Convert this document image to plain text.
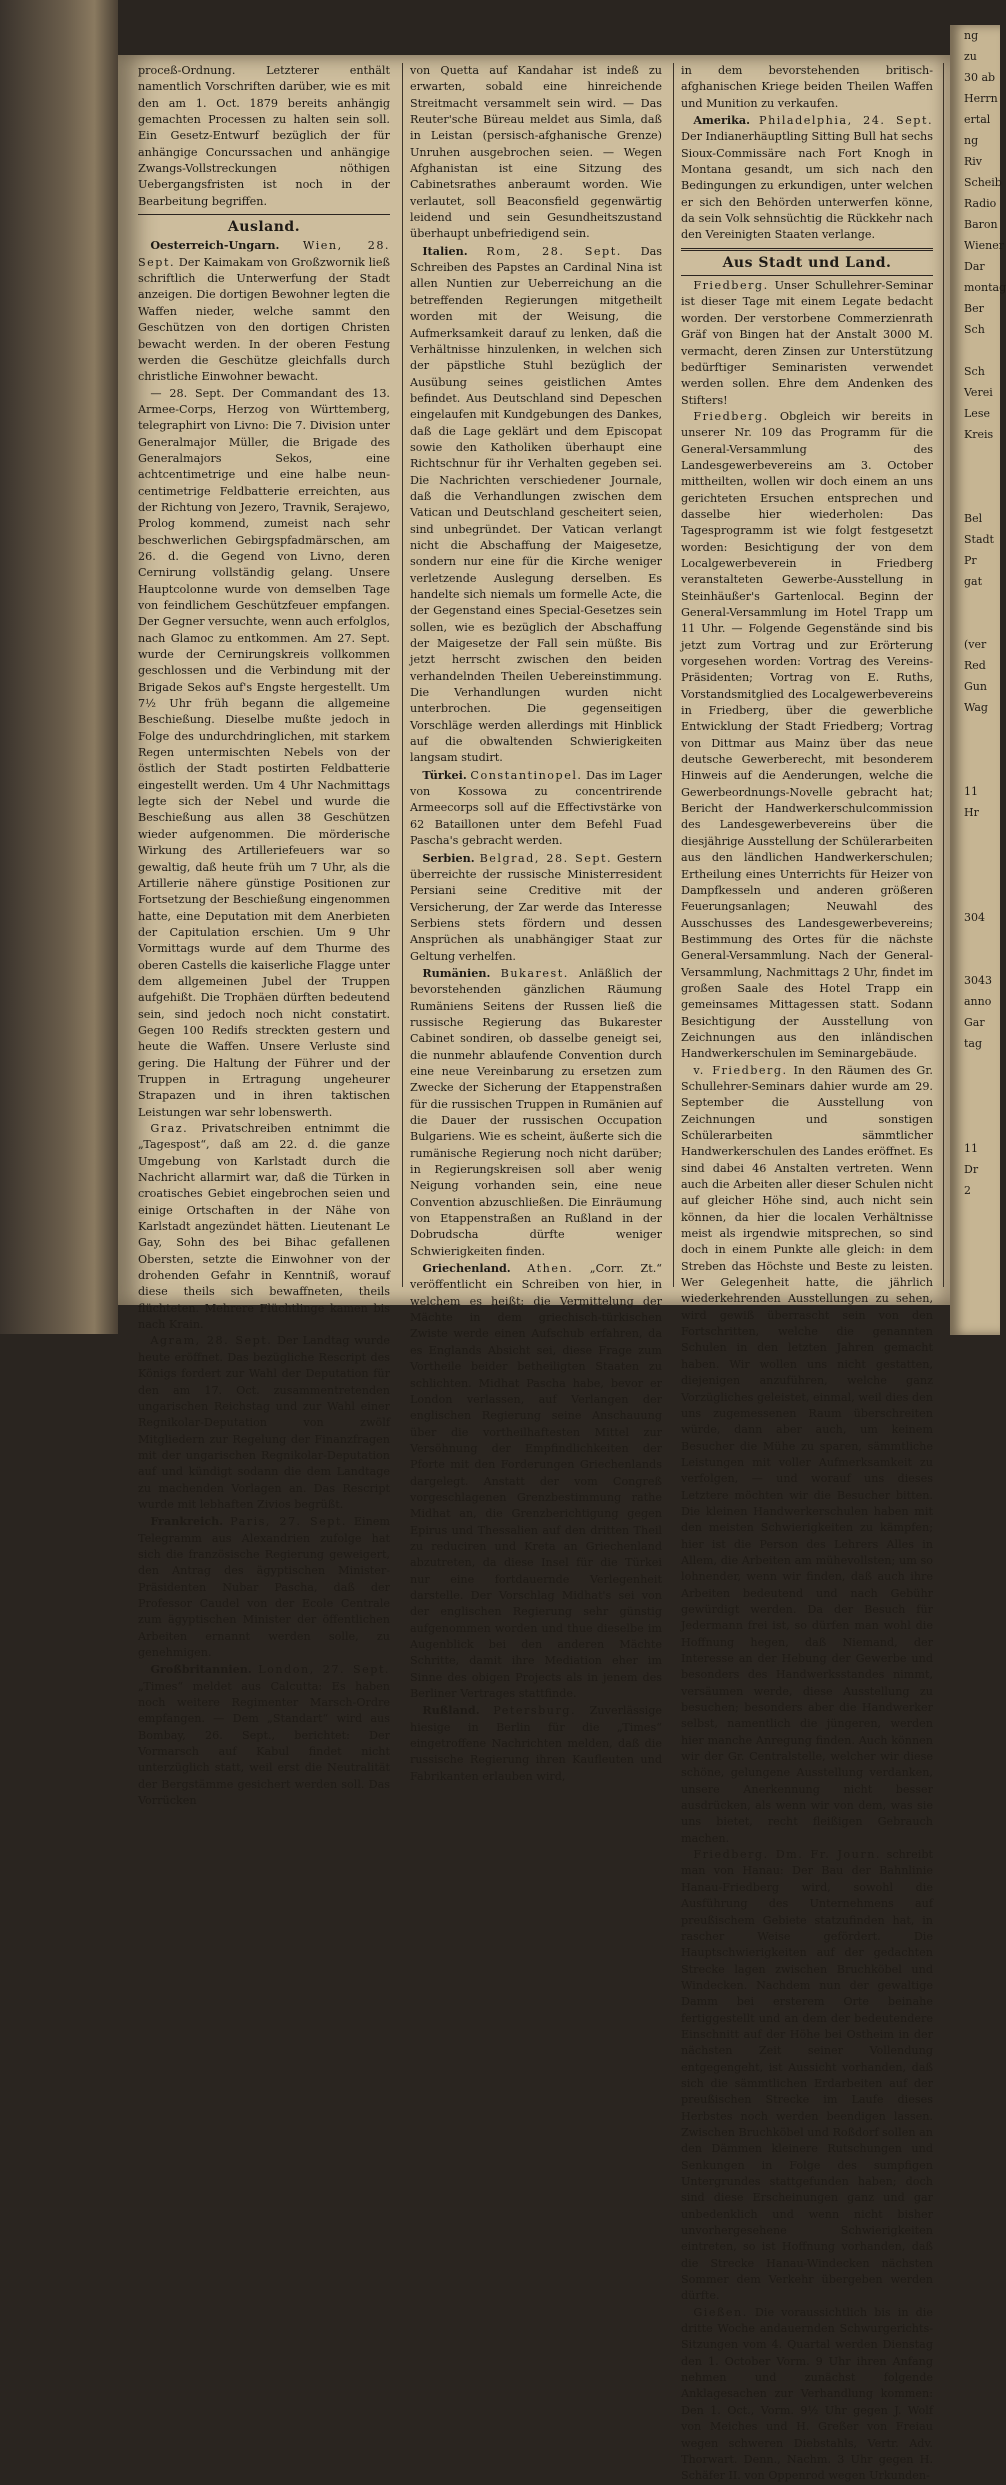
proceß-Ordnung. Letzterer enthält namentlich Vorschriften darüber, wie es mit den am 1. Oct. 1879 bereits anhängig gemachten Processen zu halten sein soll. Ein Gesetz-Entwurf bezüglich der für anhängige Concurssachen und anhängige Zwangs-Vollstreckungen nöthigen Uebergangsfristen ist noch in der Bearbeitung begriffen.

Ausland.

Oesterreich-Ungarn. Wien, 28. Sept. Der Kaimakam von Großzwornik ließ schriftlich die Unterwerfung der Stadt anzeigen. Die dortigen Bewohner legten die Waffen nieder, welche sammt den Geschützen von den dortigen Christen bewacht werden. In der oberen Festung werden die Geschütze gleichfalls durch christliche Einwohner bewacht.

— 28. Sept. Der Commandant des 13. Armee-Corps, Herzog von Württemberg, telegraphirt von Livno: Die 7. Division unter Generalmajor Müller, die Brigade des Generalmajors Sekos, eine achtcentimetrige und eine halbe neun-centimetrige Feldbatterie erreichten, aus der Richtung von Jezero, Travnik, Serajewo, Prolog kommend, zumeist nach sehr beschwerlichen Gebirgspfadmärschen, am 26. d. die Gegend von Livno, deren Cernirung vollständig gelang. Unsere Hauptcolonne wurde von demselben Tage von feindlichem Geschützfeuer empfangen. Der Gegner versuchte, wenn auch erfolglos, nach Glamoc zu entkommen. Am 27. Sept. wurde der Cernirungskreis vollkommen geschlossen und die Verbindung mit der Brigade Sekos auf's Engste hergestellt. Um 7½ Uhr früh begann die allgemeine Beschießung. Dieselbe mußte jedoch in Folge des undurchdringlichen, mit starkem Regen untermischten Nebels von der östlich der Stadt postirten Feldbatterie eingestellt werden. Um 4 Uhr Nachmittags legte sich der Nebel und wurde die Beschießung aus allen 38 Geschützen wieder aufgenommen. Die mörderische Wirkung des Artilleriefeuers war so gewaltig, daß heute früh um 7 Uhr, als die Artillerie nähere günstige Positionen zur Fortsetzung der Beschießung eingenommen hatte, eine Deputation mit dem Anerbieten der Capitulation erschien. Um 9 Uhr Vormittags wurde auf dem Thurme des oberen Castells die kaiserliche Flagge unter dem allgemeinen Jubel der Truppen aufgehißt. Die Trophäen dürften bedeutend sein, sind jedoch noch nicht constatirt. Gegen 100 Redifs streckten gestern und heute die Waffen. Unsere Verluste sind gering. Die Haltung der Führer und der Truppen in Ertragung ungeheurer Strapazen und in ihren taktischen Leistungen war sehr lobenswerth.

Graz. Privatschreiben entnimmt die „Tagespost“, daß am 22. d. die ganze Umgebung von Karlstadt durch die Nachricht allarmirt war, daß die Türken in croatisches Gebiet eingebrochen seien und einige Ortschaften in der Nähe von Karlstadt angezündet hätten. Lieutenant Le Gay, Sohn des bei Bihac gefallenen Obersten, setzte die Einwohner von der drohenden Gefahr in Kenntniß, worauf diese theils sich bewaffneten, theils flüchteten. Mehrere Flüchtlinge kamen bis nach Krain.

Agram, 28. Sept. Der Landtag wurde heute eröffnet. Das bezügliche Rescript des Königs fordert zur Wahl der Deputation für den am 17. Oct. zusammentretenden ungarischen Reichstag und zur Wahl einer Regnikolar-Deputation von zwölf Mitgliedern zur Regelung der Finanzfragen mit der ungarischen Regnikolar-Deputation auf und kündigt sodann die dem Landtage zu machenden Vorlagen an. Das Rescript wurde mit lebhaften Zivios begrüßt.

Frankreich. Paris, 27. Sept. Einem Telegramm aus Alexandrien zufolge hat sich die französische Regierung geweigert, den Antrag des ägyptischen Minister-Präsidenten Nubar Pascha, daß der Professor Caudel von der Ecole Centrale zum ägyptischen Minister der öffentlichen Arbeiten ernannt werden solle, zu genehmigen.

Großbritannien. London, 27. Sept. „Times“ meldet aus Calcutta: Es haben noch weitere Regimenter Marsch-Ordre empfangen. — Dem „Standart“ wird aus Bombay, 26. Sept., berichtet: Der Vormarsch auf Kabul findet nicht unterzüglich statt, weil erst die Neutralität der Bergstämme gesichert werden soll. Das Vorrücken

von Quetta auf Kandahar ist indeß zu erwarten, sobald eine hinreichende Streitmacht versammelt sein wird. — Das Reuter'sche Büreau meldet aus Simla, daß in Leistan (persisch-afghanische Grenze) Unruhen ausgebrochen seien. — Wegen Afghanistan ist eine Sitzung des Cabinetsrathes anberaumt worden. Wie verlautet, soll Beaconsfield gegenwärtig leidend und sein Gesundheitszustand überhaupt unbefriedigend sein.

Italien. Rom, 28. Sept. Das Schreiben des Papstes an Cardinal Nina ist allen Nuntien zur Ueberreichung an die betreffenden Regierungen mitgetheilt worden mit der Weisung, die Aufmerksamkeit darauf zu lenken, daß die Verhältnisse hinzulenken, in welchen sich der päpstliche Stuhl bezüglich der Ausübung seines geistlichen Amtes befindet. Aus Deutschland sind Depeschen eingelaufen mit Kundgebungen des Dankes, daß die Lage geklärt und dem Episcopat sowie den Katholiken überhaupt eine Richtschnur für ihr Verhalten gegeben sei. Die Nachrichten verschiedener Journale, daß die Verhandlungen zwischen dem Vatican und Deutschland gescheitert seien, sind unbegründet. Der Vatican verlangt nicht die Abschaffung der Maigesetze, sondern nur eine für die Kirche weniger verletzende Auslegung derselben. Es handelte sich niemals um formelle Acte, die der Gegenstand eines Special-Gesetzes sein sollen, wie es bezüglich der Abschaffung der Maigesetze der Fall sein müßte. Bis jetzt herrscht zwischen den beiden verhandelnden Theilen Uebereinstimmung. Die Verhandlungen wurden nicht unterbrochen. Die gegenseitigen Vorschläge werden allerdings mit Hinblick auf die obwaltenden Schwierigkeiten langsam studirt.

Türkei. Constantinopel. Das im Lager von Kossowa zu concentrirende Armeecorps soll auf die Effectivstärke von 62 Bataillonen unter dem Befehl Fuad Pascha's gebracht werden.

Serbien. Belgrad, 28. Sept. Gestern überreichte der russische Ministerresident Persiani seine Creditive mit der Versicherung, der Zar werde das Interesse Serbiens stets fördern und dessen Ansprüchen als unabhängiger Staat zur Geltung verhelfen.

Rumänien. Bukarest. Anläßlich der bevorstehenden gänzlichen Räumung Rumäniens Seitens der Russen ließ die russische Regierung das Bukarester Cabinet sondiren, ob dasselbe geneigt sei, die nunmehr ablaufende Convention durch eine neue Vereinbarung zu ersetzen zum Zwecke der Sicherung der Etappenstraßen für die russischen Truppen in Rumänien auf die Dauer der russischen Occupation Bulgariens. Wie es scheint, äußerte sich die rumänische Regierung noch nicht darüber; in Regierungskreisen soll aber wenig Neigung vorhanden sein, eine neue Convention abzuschließen. Die Einräumung von Etappenstraßen an Rußland in der Dobrudscha dürfte weniger Schwierigkeiten finden.

Griechenland. Athen. „Corr. Zt.“ veröffentlicht ein Schreiben von hier, in welchem es heißt: die Vermittelung der Mächte in dem griechisch-türkischen Zwiste werde einen Aufschub erfahren, da es Englands Absicht sei, diese Frage zum Vortheile beider betheiligten Staaten zu schlichten. Midhat Pascha habe, bevor er London verlassen, auf Verlangen der englischen Regierung seine Anschauung über die vortheilhaftesten Mittel zur Versöhnung der Empfindlichkeiten der Pforte mit den Forderungen Griechenlands dargelegt. Anstatt der vom Congreß vorgeschlagenen Grenzbestimmung rathe Midhat an, die Grenzberichtigung gegen Epirus und Thessalien auf den dritten Theil zu reduciren und Kreta an Griechenland abzutreten, da diese Insel für die Türkei nur eine fortdauernde Verlegenheit darstelle. Der Vorschlag Midhat's sei von der englischen Regierung sehr günstig aufgenommen worden und thue dieselbe im Augenblick bei den anderen Mächte Schritte, damit ihre Mediation eher im Sinne des obigen Projects als in jenem des Berliner Vertrages stattfinde.

Rußland. Petersburg. Zuverlässige hiesige in Berlin für die „Times“ eingetroffene Nachrichten melden, daß die russische Regierung ihren Kaufleuten und Fabrikanten erlauben wird,

in dem bevorstehenden britisch-afghanischen Kriege beiden Theilen Waffen und Munition zu verkaufen.

Amerika. Philadelphia, 24. Sept. Der Indianerhäuptling Sitting Bull hat sechs Sioux-Commissäre nach Fort Knogh in Montana gesandt, um sich nach den Bedingungen zu erkundigen, unter welchen er sich den Behörden unterwerfen könne, da sein Volk sehnsüchtig die Rückkehr nach den Vereinigten Staaten verlange.

Aus Stadt und Land.

Friedberg. Unser Schullehrer-Seminar ist dieser Tage mit einem Legate bedacht worden. Der verstorbene Commerzienrath Gräf von Bingen hat der Anstalt 3000 M. vermacht, deren Zinsen zur Unterstützung bedürftiger Seminaristen verwendet werden sollen. Ehre dem Andenken des Stifters!

Friedberg. Obgleich wir bereits in unserer Nr. 109 das Programm für die General-Versammlung des Landesgewerbevereins am 3. October mittheilten, wollen wir doch einem an uns gerichteten Ersuchen entsprechen und dasselbe hier wiederholen: Das Tagesprogramm ist wie folgt festgesetzt worden: Besichtigung der von dem Localgewerbeverein in Friedberg veranstalteten Gewerbe-Ausstellung in Steinhäußer's Gartenlocal. Beginn der General-Versammlung im Hotel Trapp um 11 Uhr. — Folgende Gegenstände sind bis jetzt zum Vortrag und zur Erörterung vorgesehen worden: Vortrag des Vereins-Präsidenten; Vortrag von E. Ruths, Vorstandsmitglied des Localgewerbevereins in Friedberg, über die gewerbliche Entwicklung der Stadt Friedberg; Vortrag von Dittmar aus Mainz über das neue deutsche Gewerberecht, mit besonderem Hinweis auf die Aenderungen, welche die Gewerbeordnungs-Novelle gebracht hat; Bericht der Handwerkerschulcommission des Landesgewerbevereins über die diesjährige Ausstellung der Schülerarbeiten aus den ländlichen Handwerkerschulen; Ertheilung eines Unterrichts für Heizer von Dampfkesseln und anderen größeren Feuerungsanlagen; Neuwahl des Ausschusses des Landesgewerbevereins; Bestimmung des Ortes für die nächste General-Versammlung. Nach der General-Versammlung, Nachmittags 2 Uhr, findet im großen Saale des Hotel Trapp ein gemeinsames Mittagessen statt. Sodann Besichtigung der Ausstellung von Zeichnungen aus den inländischen Handwerkerschulen im Seminargebäude.

v. Friedberg. In den Räumen des Gr. Schullehrer-Seminars dahier wurde am 29. September die Ausstellung von Zeichnungen und sonstigen Schülerarbeiten sämmtlicher Handwerkerschulen des Landes eröffnet. Es sind dabei 46 Anstalten vertreten. Wenn auch die Arbeiten aller dieser Schulen nicht auf gleicher Höhe sind, auch nicht sein können, da hier die localen Verhältnisse meist als irgendwie mitsprechen, so sind doch in einem Punkte alle gleich: in dem Streben das Höchste und Beste zu leisten. Wer Gelegenheit hatte, die jährlich wiederkehrenden Ausstellungen zu sehen, wird gewiß überrascht sein von den Fortschritten, welche die genannten Schulen in den letzten Jahren gemacht haben. Wir wollen uns nicht gestatten, diejenigen anzuführen, welche ganz Vorzügliches geleistet, einmal, weil dies den uns zugemessenen Raum überschreiten würde, dann aber auch, um keinem Besucher die Mühe zu sparen, sämmtliche Leistungen mit voller Aufmerksamkeit zu verfolgen, — und worauf uns dieses Letztere möchten wir die Besucher bitten. Die kleinen Handwerkerschulen haben mit den meisten Schwierigkeiten zu kämpfen; hier ist die Person des Lehrers Alles in Allem, die Arbeiten am mühevollsten; um so lohnender, wenn wir finden, daß auch ihre Arbeiten bedeutend und nach Gebühr gewürdigt werden. Da der Besuch für Jedermann frei ist, so dürfen man wohl die Hoffnung hegen, daß Niemand, der Interesse an der Hebung der Gewerbe und besonders des Handwerksstandes nimmt, versäumen werde, diese Ausstellung zu besuchen; besonders aber die Handwerker selbst, namentlich die jüngeren, werden hier manche Anregung finden. Auch können wir der Gr. Centralstelle, welcher wir diese schöne, gelungene Ausstellung verdanken, unsere Anerkennung nicht besser ausdrücken, als wenn wir von dem, was sie uns bietet, recht fleißigen Gebrauch machen.

Friedberg. Dm. Fr. Journ. schreibt man von Hanau: Der Bau der Bahnlinie Hanau-Friedberg wird, sowohl die Ausführung des Unternehmens auf preußischem Gebiete statzufinden hat, in rascher Weise gefördert. Die Hauptschwierigkeiten auf der gedachten Strecke lagen zwischen Bruchköbel und Windecken. Nachdem nun der gewaltige Damm bei ersterem Orte beinahe fertiggestellt und an dem der bedeutendere Einschnitt auf der Höhe bei Ostheim in der nächsten Zeit seiner Vollendung entgegengeht, ist Aussicht vorhanden, daß sich die sämmtlichen Erdarbeiten auf der preußischen Strecke im Laufe dieses Herbstes noch werden beendigen lassen. Zwischen Bruchköbel und Roßdorf sollen an den Dämmen kleinere Rutschungen und Senkungen in Folge des sumpfigen Untergrundes stattgefunden haben; doch sind diese Erscheinungen ganz und gar unbedenklich und wenn nicht bisher unvorhergesehene Schwierigkeiten eintreten, so ist Hoffnung vorhanden, daß die Strecke Hanau-Windecken nächsten Sommer dem Verkehr übergeben werden dürfte.

Gießen. Die voraussichtlich bis in die dritte Woche andauernden Schwurgerichts-Sitzungen vom 4. Quartal werden Dienstag den 1. October Vorm. 9 Uhr ihren Anfang nehmen und zunächst folgende Anklagesachen zur Verhandlung kommen: Den 1. Oct., Vorm. 9½ Uhr gegen J. Wolf von Meiches und H. Greßer von Freiau wegen schweren Diebstahls, Vertr. Adv. Thorwart. Denn., Nachm. 3 Uhr gegen H. Schäfer II. von Oppenrod wegen Urkunden-

ng
zu
30 ab
Herrn
ertal
ng
Riv
Scheib
Radio
Baron
Wiener
Dar
montag
Ber
Sch

Sch
Verei
Lese
Kreis

Bel
Stadt
Pr
gat

(ver
Red
Gun
Wag

11
Hr

304

3043
anno
Gar
tag

11
Dr
2
